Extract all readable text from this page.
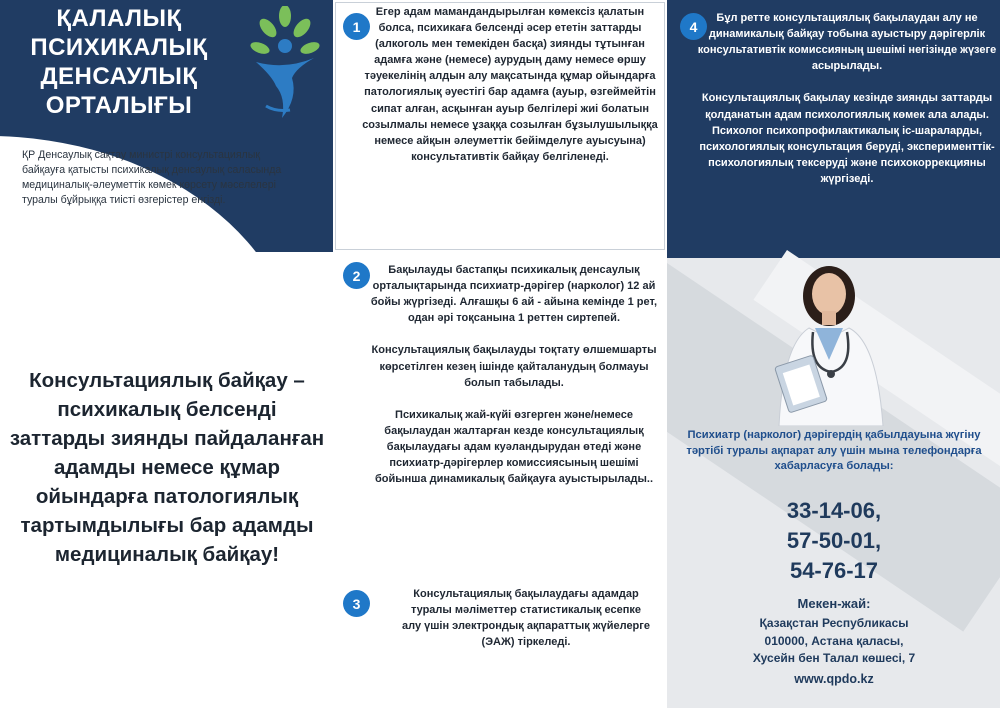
ҚАЛАЛЫҚ ПСИХИКАЛЫҚ ДЕНСАУЛЫҚ ОРТАЛЫҒЫ
ҚР Денсаулық сақтау министрі консультациялық байқауға қатысты психикалық денсаулық саласында медициналық-әлеуметтік көмек көрсету мәселелері туралы бұйрыққа тиісті өзгерістер енгізді.
Консультациялық байқау – психикалық белсенді заттарды зиянды пайдаланған адамды немесе құмар ойындарға патологиялық тартымдылығы бар адамды медициналық байқау!
1
Егер адам мамандандырылған көмексіз қалатын болса, психикаға белсенді әсер ететін заттарды (алкоголь мен темекіден басқа) зиянды тұтынған адамға және (немесе) аурудың даму немесе өршу тәуекелінің алдын алу мақсатында құмар ойындарға патологиялық әуестігі бар адамға (ауыр, өзгеймейтін сипат алған, асқынған ауыр белгілері жиі болатын созылмалы немесе ұзаққа созылған бұзылушылыққа немесе айқын әлеуметтік бейімделуге ауысуына) консультативтік байқау белгіленеді.
2	Бақылауды бастапқы психикалық денсаулық орталықтарында психиатр-дәрігер (нарколог) 12 ай бойы жүргізеді. Алғашқы 6 ай - айына кемінде 1 рет, одан әрі тоқсанына 1 реттен сиртепей.

Консультациялық бақылауды тоқтату өлшемшарты көрсетілген кезең ішінде қайталанудың болмауы болып табылады.

Психикалық жай-күйі өзгерген және/немесе бақылаудан жалтарған кезде консультациялық бақылаудағы адам куәландырудан өтеді және психиатр-дәрігерлер комиссиясының шешімі бойынша динамикалық байқауға ауыстырылады..
3
Консультациялық бақылаудағы адамдар туралы мәліметтер статистикалық есепке алу үшін электрондық ақпараттық жүйелерге (ЭАЖ) тіркеледі.
4
Бұл ретте консультациялық бақылаудан алу не динамикалық байқау тобына ауыстыру дәрігерлік консультативтік комиссияның шешімі негізінде жүзеге асырылады.

Консультациялық бақылау кезінде зиянды заттарды қолданатын адам психологиялық көмек ала алады. Психолог психопрофилактикалық іс-шараларды, психологиялық консультация беруді, эксперименттік-психологиялық тексеруді және психокоррекцияны жүргізеді.
Психиатр (нарколог) дәрігердің қабылдауына жүгіну тәртібі туралы ақпарат алу үшін мына телефондарға хабарласуға болады:
33-14-06,
57-50-01,
54-76-17
Мекен-жай:
Қазақстан Республикасы
010000, Астана қаласы,
Хусейн бен Талал көшесі, 7
www.qpdo.kz
